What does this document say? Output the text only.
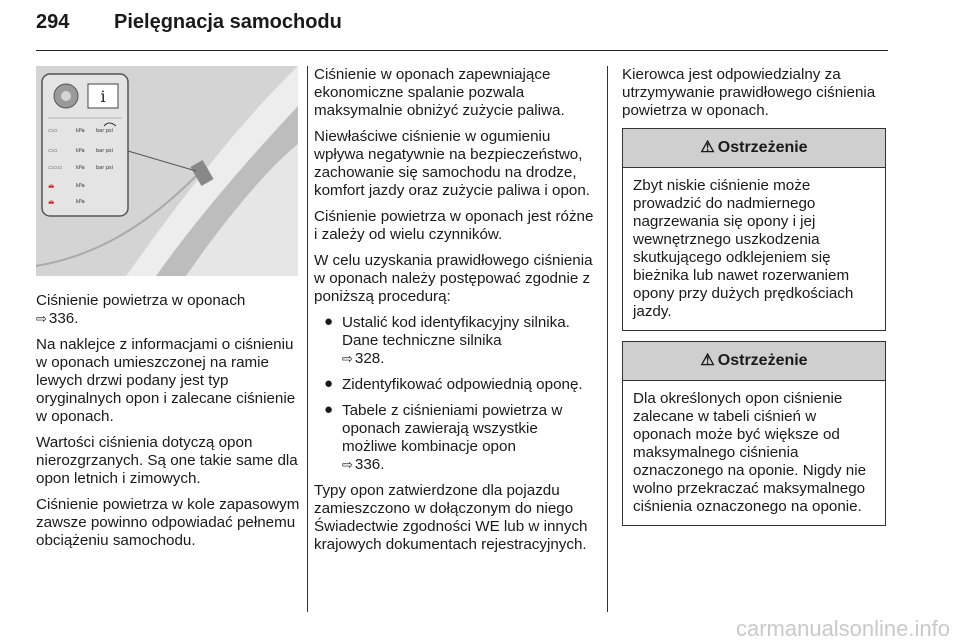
294 Pielęgnacja samochodu
i
▭▭	kPa bar psi
▭▭	kPa bar psi
▭▭▭	kPa bar psi
🚗	kPa
🚗	kPa

Ciśnienie powietrza w oponach
⇨ 336.

Na naklejce z informacjami o ciśnieniu w oponach umieszczonej na ramie lewych drzwi podany jest typ oryginalnych opon i zalecane ciśnienie w oponach.

Wartości ciśnienia dotyczą opon nierozgrzanych. Są one takie same dla opon letnich i zimowych.

Ciśnienie powietrza w kole zapasowym zawsze powinno odpowiadać pełnemu obciążeniu samochodu.

Ciśnienie w oponach zapewniające ekonomiczne spalanie pozwala maksymalnie obniżyć zużycie paliwa.

Niewłaściwe ciśnienie w ogumieniu wpływa negatywnie na bezpieczeństwo, zachowanie się samochodu na drodze, komfort jazdy oraz zużycie paliwa i opon.

Ciśnienie powietrza w oponach jest różne i zależy od wielu czynników.

W celu uzyskania prawidłowego ciśnienia w oponach należy postępować zgodnie z poniższą procedurą:

● Ustalić kod identyfikacyjny silnika. Dane techniczne silnika
⇨ 328.
● Zidentyfikować odpowiednią oponę.
● Tabele z ciśnieniami powietrza w oponach zawierają wszystkie możliwe kombinacje opon
⇨ 336.

Typy opon zatwierdzone dla pojazdu zamieszczono w dołączonym do niego Świadectwie zgodności WE lub w innych krajowych dokumentach rejestracyjnych.

Kierowca jest odpowiedzialny za utrzymywanie prawidłowego ciśnienia powietrza w oponach.

⚠ Ostrzeżenie
Zbyt niskie ciśnienie może prowadzić do nadmiernego nagrzewania się opony i jej wewnętrznego uszkodzenia skutkującego odklejeniem się bieżnika lub nawet rozerwaniem opony przy dużych prędkościach jazdy.
⚠ Ostrzeżenie
Dla określonych opon ciśnienie zalecane w tabeli ciśnień w oponach może być większe od maksymalnego ciśnienia oznaczonego na oponie. Nigdy nie wolno przekraczać maksymalnego ciśnienia oznaczonego na oponie.
carmanualsonline.info
